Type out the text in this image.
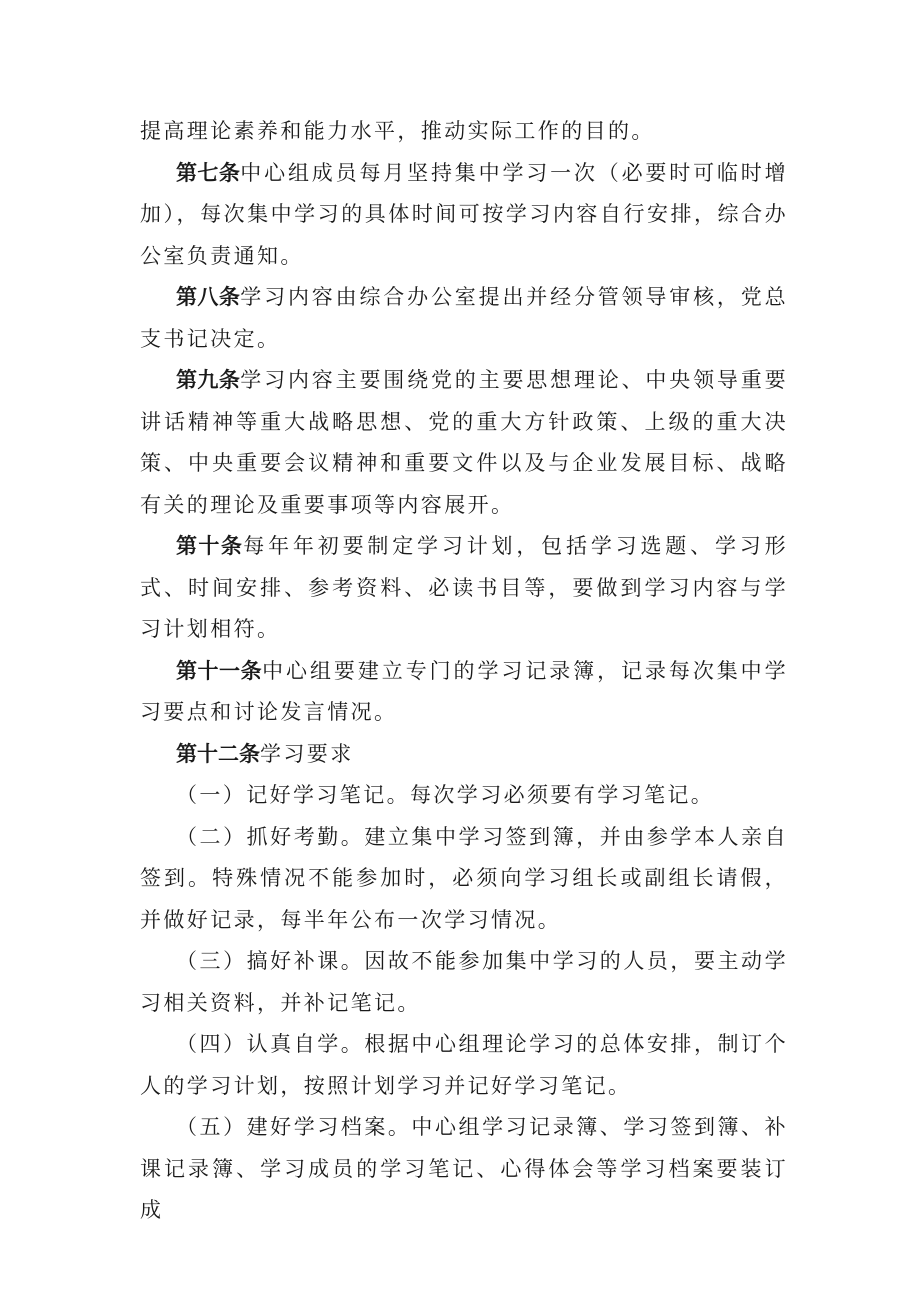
提高理论素养和能力水平，推动实际工作的目的。

第七条中心组成员每月坚持集中学习一次（必要时可临时增加），每次集中学习的具体时间可按学习内容自行安排，综合办公室负责通知。

第八条学习内容由综合办公室提出并经分管领导审核，党总支书记决定。

第九条学习内容主要围绕党的主要思想理论、中央领导重要讲话精神等重大战略思想、党的重大方针政策、上级的重大决策、中央重要会议精神和重要文件以及与企业发展目标、战略有关的理论及重要事项等内容展开。

第十条每年年初要制定学习计划，包括学习选题、学习形式、时间安排、参考资料、必读书目等，要做到学习内容与学习计划相符。

第十一条中心组要建立专门的学习记录簿，记录每次集中学习要点和讨论发言情况。

第十二条学习要求

（一）记好学习笔记。每次学习必须要有学习笔记。

（二）抓好考勤。建立集中学习签到簿，并由参学本人亲自签到。特殊情况不能参加时，必须向学习组长或副组长请假，并做好记录，每半年公布一次学习情况。

（三）搞好补课。因故不能参加集中学习的人员，要主动学习相关资料，并补记笔记。

（四）认真自学。根据中心组理论学习的总体安排，制订个人的学习计划，按照计划学习并记好学习笔记。

（五）建好学习档案。中心组学习记录簿、学习签到簿、补课记录簿、学习成员的学习笔记、心得体会等学习档案要装订成
